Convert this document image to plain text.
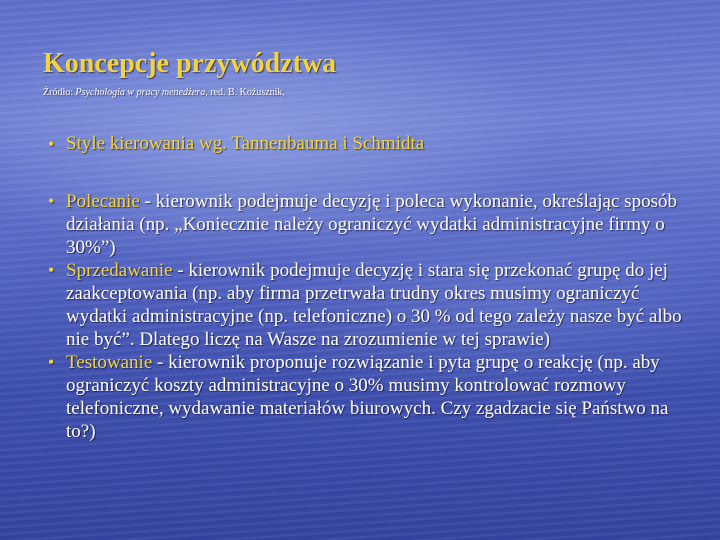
Koncepcje przywództwa
Źródło: Psychologia w pracy menedżera, red. B. Kożusznik,
• Style kierowania wg. Tannenbauma i Schmidta
• Polecanie - kierownik podejmuje decyzję i poleca wykonanie, określając sposób działania (np. „Koniecznie należy ograniczyć wydatki administracyjne firmy o 30%”)
• Sprzedawanie - kierownik podejmuje decyzję i stara się przekonać grupę do jej zaakceptowania (np. aby firma przetrwała trudny okres musimy ograniczyć wydatki administracyjne (np. telefoniczne) o 30 % od tego zależy nasze być albo nie być”. Dlatego liczę na Wasze na zrozumienie w tej sprawie)
• Testowanie - kierownik proponuje rozwiązanie i pyta grupę o reakcję (np. aby ograniczyć koszty administracyjne o 30% musimy kontrolować rozmowy telefoniczne, wydawanie materiałów biurowych. Czy zgadzacie się Państwo na to?)
